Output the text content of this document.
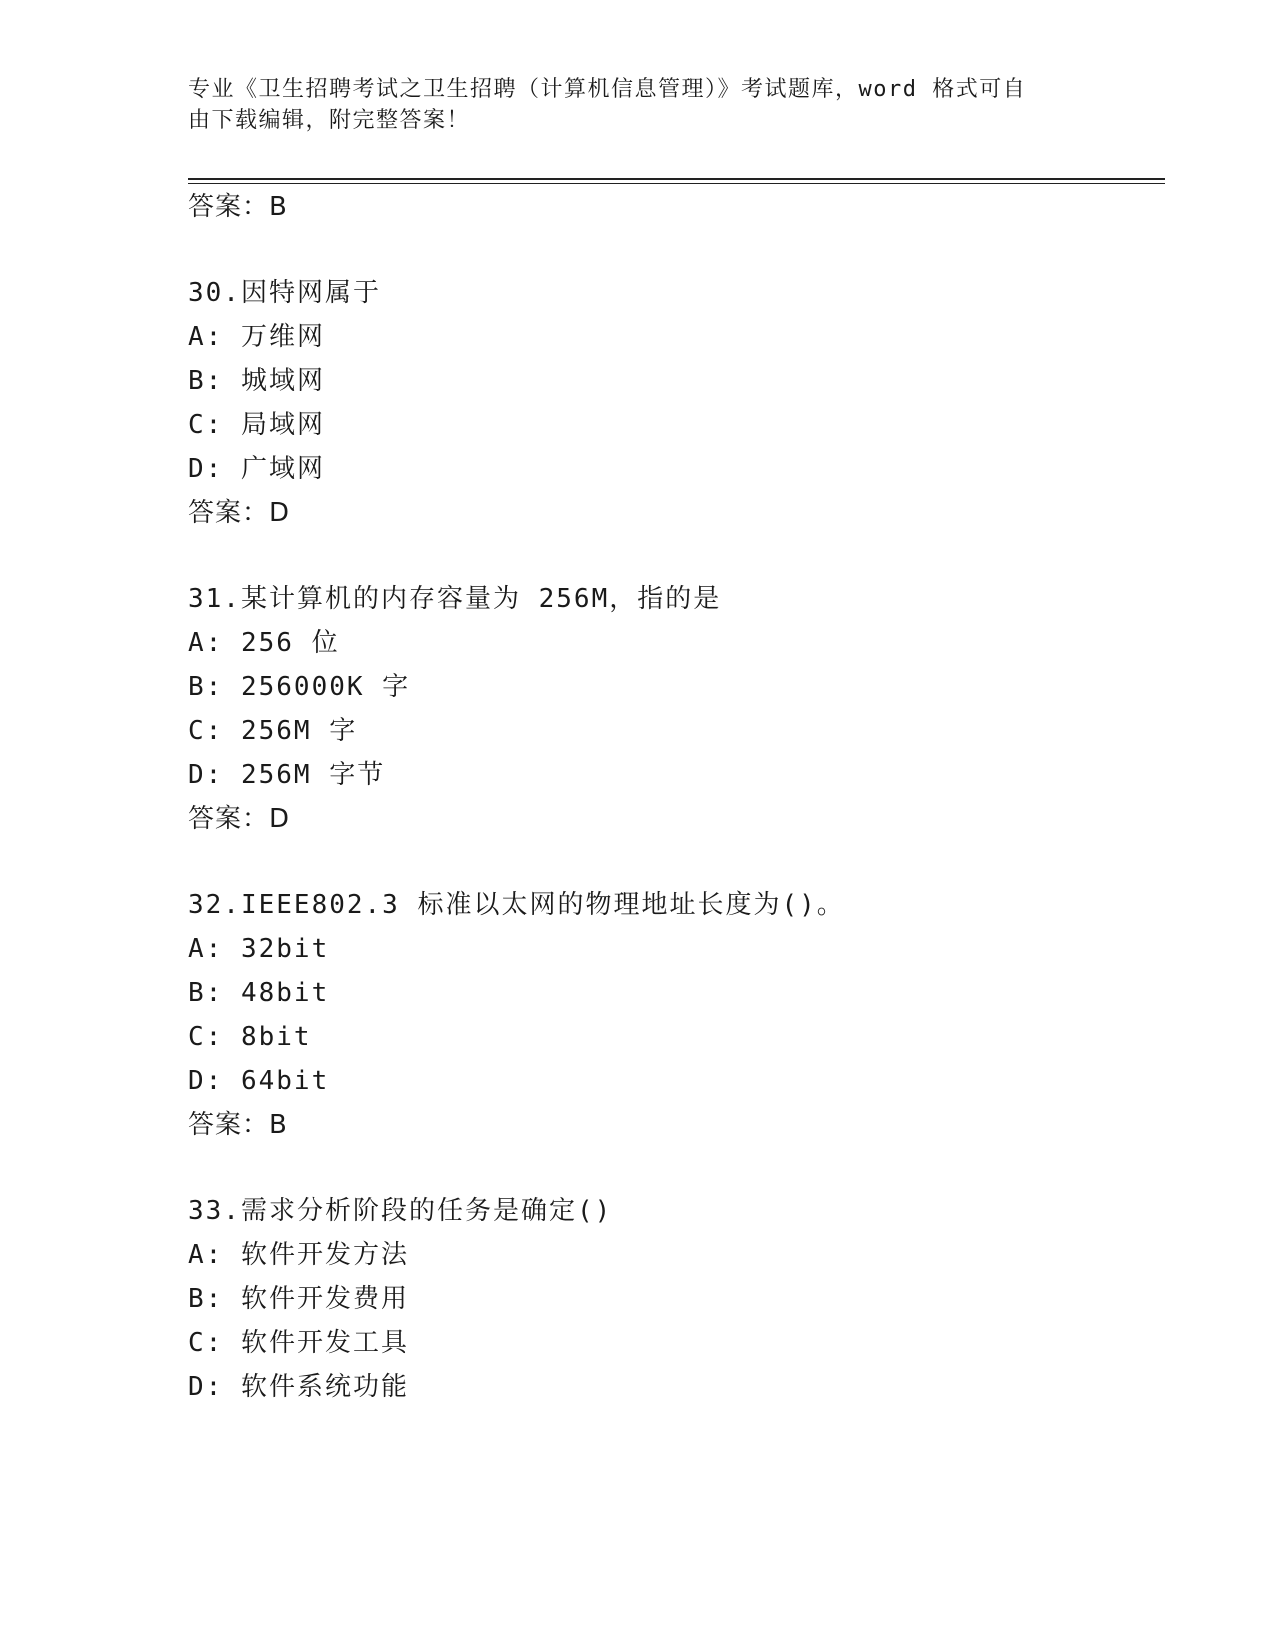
专业《卫生招聘考试之卫生招聘（计算机信息管理）》考试题库，word 格式可自
由下载编辑，附完整答案！
答案：B
30.因特网属于
A: 万维网
B: 城域网
C: 局域网
D: 广域网
答案：D
31.某计算机的内存容量为 256M，指的是
A: 256 位
B: 256000K 字
C: 256M 字
D: 256M 字节
答案：D
32.IEEE802.3 标准以太网的物理地址长度为()。
A: 32bit
B: 48bit
C: 8bit
D: 64bit
答案：B
33.需求分析阶段的任务是确定()
A: 软件开发方法
B: 软件开发费用
C: 软件开发工具
D: 软件系统功能
